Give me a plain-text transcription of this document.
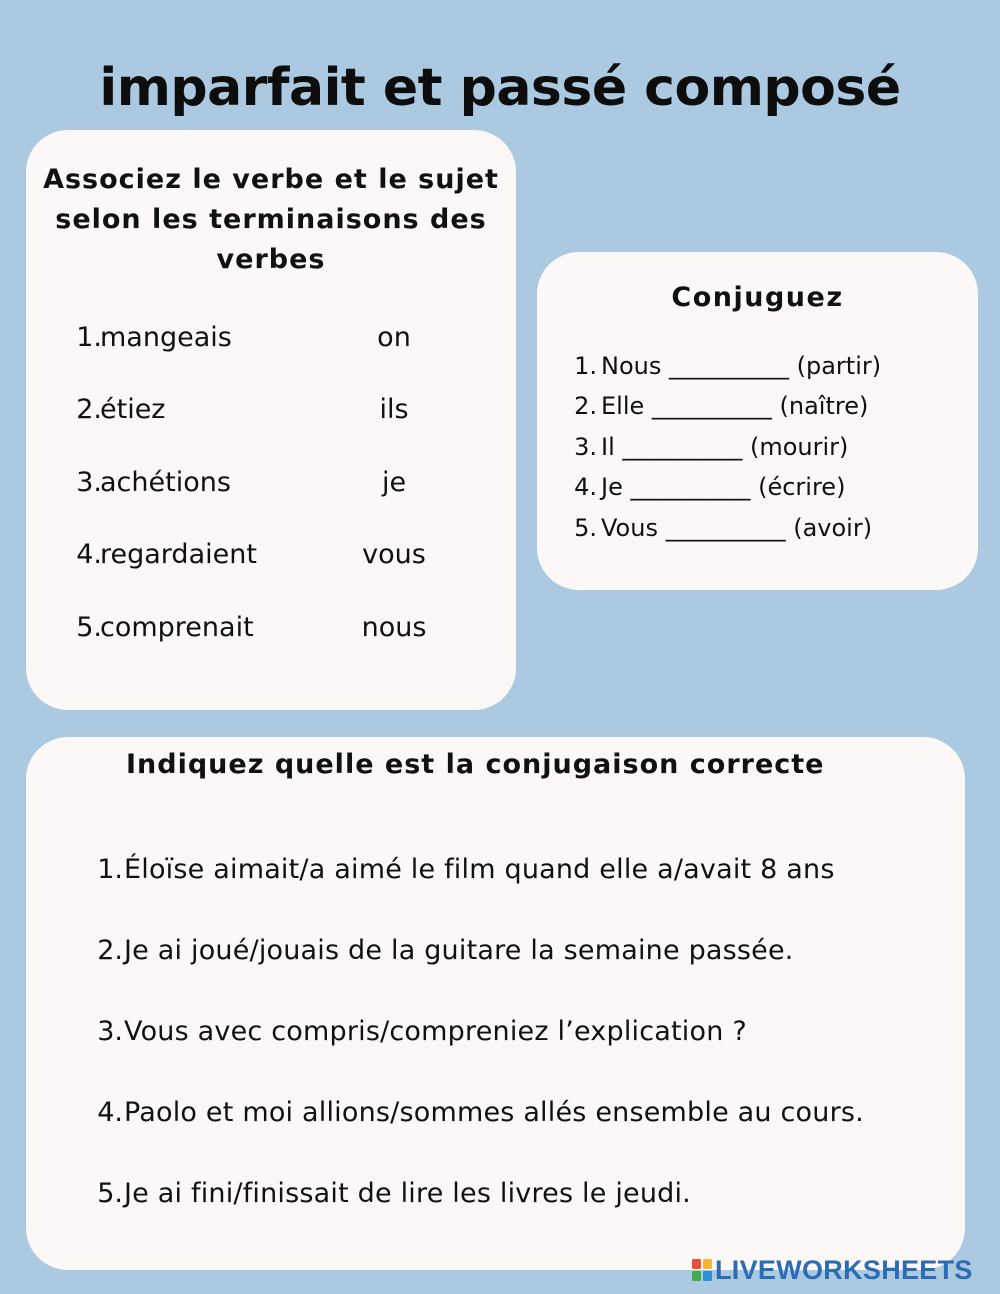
imparfait et passé composé
Associez le verbe et le sujet selon les terminaisons des verbes
1.
mangeais	on
2.
étiez	ils
3.
achétions	je
4.
regardaient	vous
5.
comprenait	nous
Conjuguez
1. Nous __________ (partir)
2. Elle __________ (naître)
3. Il __________ (mourir)
4. Je __________ (écrire)
5. Vous __________ (avoir)
Indiquez quelle est la conjugaison correcte
1. Éloïse aimait/a aimé le film quand elle a/avait 8 ans
2. Je ai joué/jouais de la guitare la semaine passée.
3. Vous avec compris/compreniez l’explication ?
4. Paolo et moi allions/sommes allés ensemble au cours.
5. Je ai fini/finissait de lire les livres le jeudi.
LIVEWORKSHEETS
